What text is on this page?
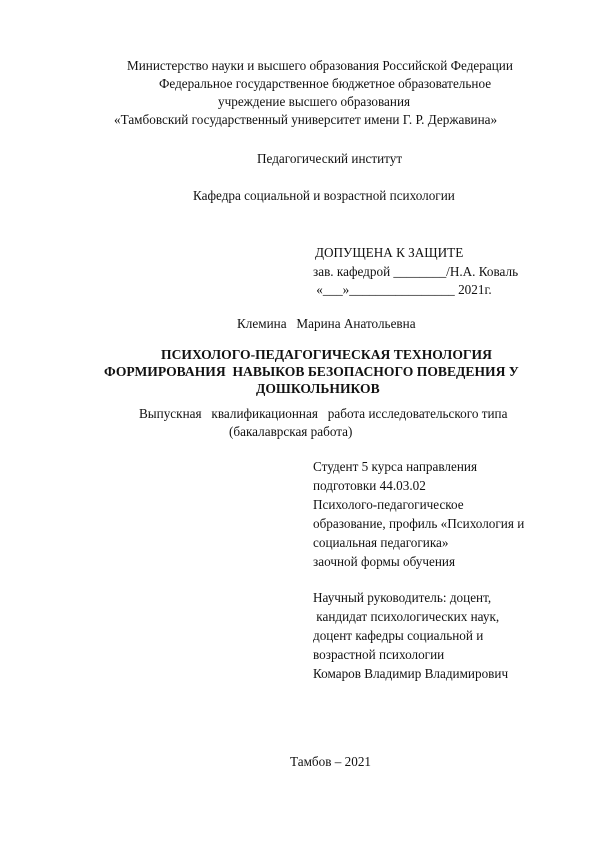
Министерство науки и высшего образования Российской Федерации
Федеральное государственное бюджетное образовательное
учреждение высшего образования
«Тамбовский государственный университет имени Г. Р. Державина»
Педагогический институт
Кафедра социальной и возрастной психологии
ДОПУЩЕНА К ЗАЩИТЕ
зав. кафедрой ________/Н.А. Коваль
«___»________________ 2021г.
Клемина   Марина Анатольевна
ПСИХОЛОГО-ПЕДАГОГИЧЕСКАЯ ТЕХНОЛОГИЯ
ФОРМИРОВАНИЯ  НАВЫКОВ БЕЗОПАСНОГО ПОВЕДЕНИЯ У
ДОШКОЛЬНИКОВ
Выпускная   квалификационная   работа исследовательского типа
(бакалаврская работа)
Студент 5 курса направления
подготовки 44.03.02
Психолого-педагогическое
образование, профиль «Психология и
социальная педагогика»
заочной формы обучения
Научный руководитель: доцент,
кандидат психологических наук,
доцент кафедры социальной и
возрастной психологии
Комаров Владимир Владимирович
Тамбов – 2021
